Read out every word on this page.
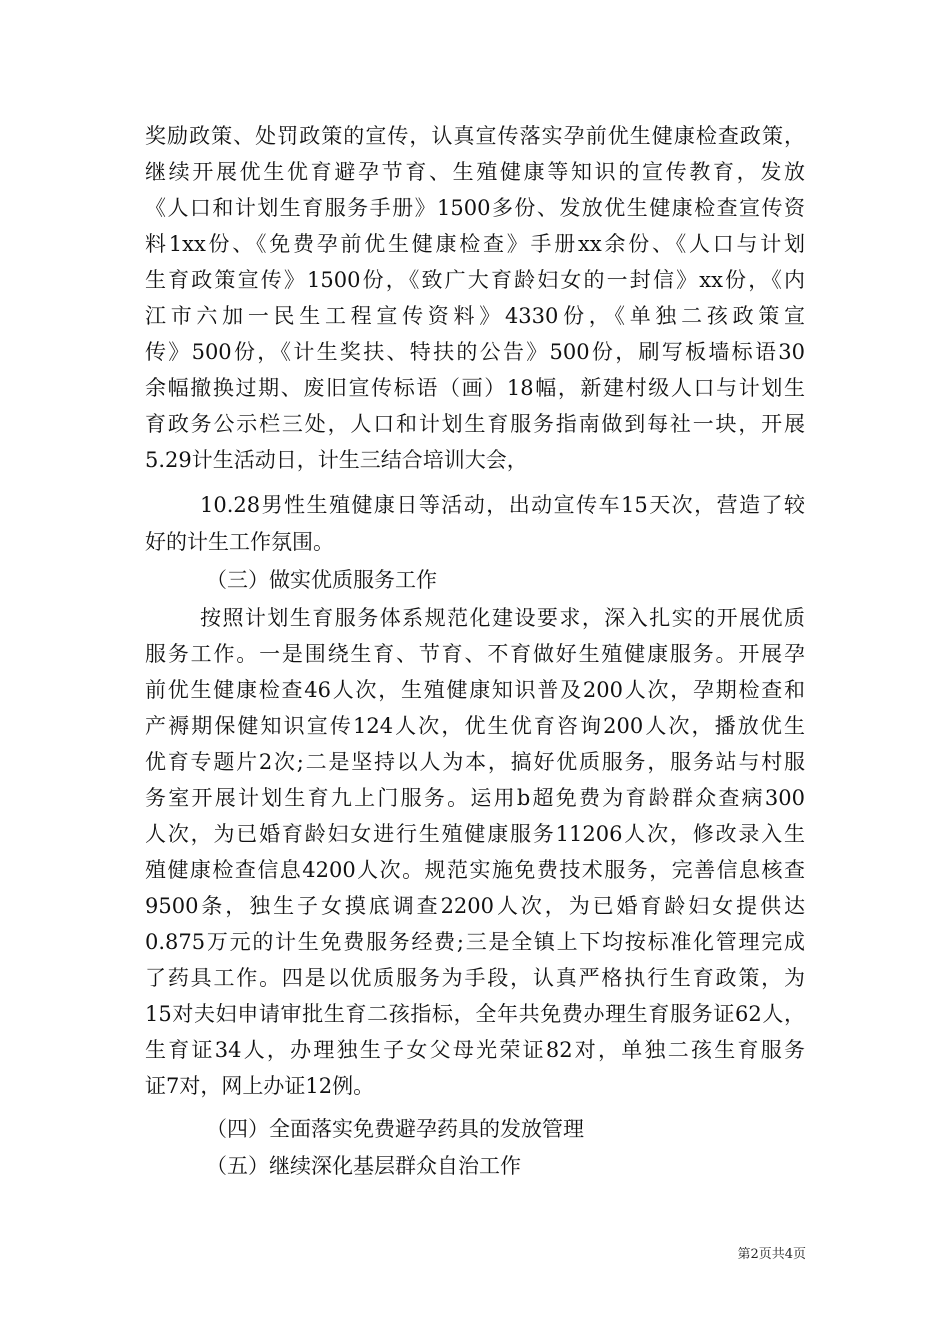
奖励政策、处罚政策的宣传，认真宣传落实孕前优生健康检查政策，
继续开展优生优育避孕节育、生殖健康等知识的宣传教育，发放
《人口和计划生育服务手册》1500多份、发放优生健康检查宣传资
料1xx份、《免费孕前优生健康检查》手册xx余份、《人口与计划
生育政策宣传》1500份，《致广大育龄妇女的一封信》xx份，《内
江市六加一民生工程宣传资料》4330份，《单独二孩政策宣
传》500份，《计生奖扶、特扶的公告》500份，刷写板墙标语30
余幅撤换过期、废旧宣传标语（画）18幅，新建村级人口与计划生
育政务公示栏三处，人口和计划生育服务指南做到每社一块，开展
5.29计生活动日，计生三结合培训大会，
10.28男性生殖健康日等活动，出动宣传车15天次，营造了较
好的计生工作氛围。
（三）做实优质服务工作
按照计划生育服务体系规范化建设要求，深入扎实的开展优质
服务工作。一是围绕生育、节育、不育做好生殖健康服务。开展孕
前优生健康检查46人次，生殖健康知识普及200人次，孕期检查和
产褥期保健知识宣传124人次，优生优育咨询200人次，播放优生
优育专题片2次;二是坚持以人为本，搞好优质服务，服务站与村服
务室开展计划生育九上门服务。运用b超免费为育龄群众查病300
人次，为已婚育龄妇女进行生殖健康服务11206人次，修改录入生
殖健康检查信息4200人次。规范实施免费技术服务，完善信息核查
9500条，独生子女摸底调查2200人次，为已婚育龄妇女提供达
0.875万元的计生免费服务经费;三是全镇上下均按标准化管理完成
了药具工作。四是以优质服务为手段，认真严格执行生育政策，为
15对夫妇申请审批生育二孩指标，全年共免费办理生育服务证62人，
生育证34人，办理独生子女父母光荣证82对，单独二孩生育服务
证7对，网上办证12例。
（四）全面落实免费避孕药具的发放管理
（五）继续深化基层群众自治工作
第2页共4页
